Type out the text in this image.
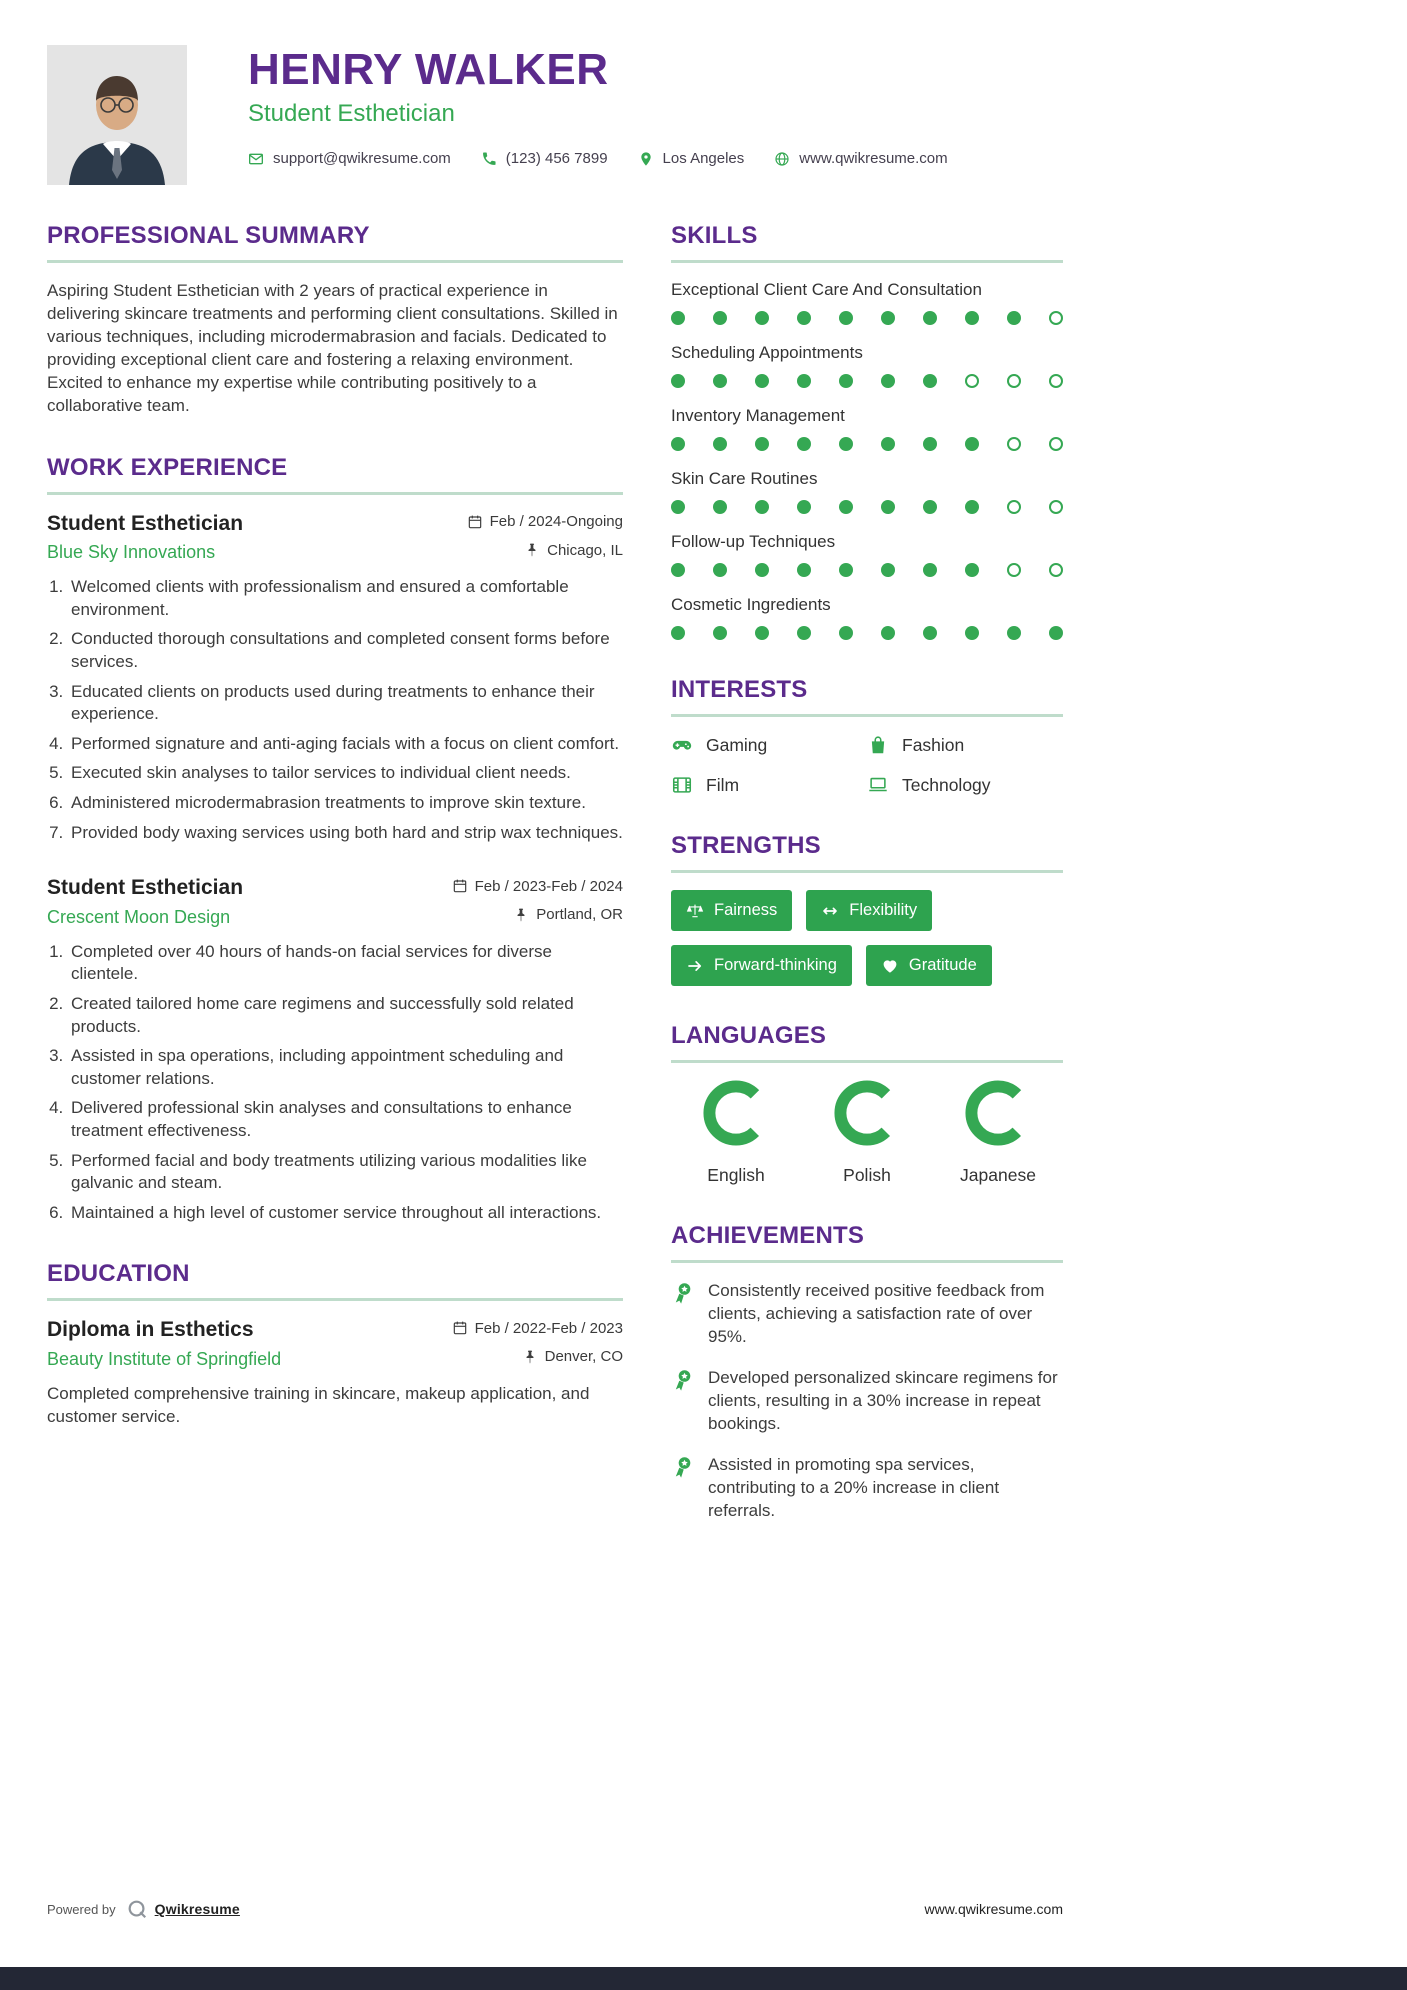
HENRY WALKER
Student Esthetician
support@qwikresume.com	(123) 456 7899	Los Angeles	www.qwikresume.com
PROFESSIONAL SUMMARY

Aspiring Student Esthetician with 2 years of practical experience in delivering skincare treatments and performing client consultations. Skilled in various techniques, including microdermabrasion and facials. Dedicated to providing exceptional client care and fostering a relaxing environment. Excited to enhance my expertise while contributing positively to a collaborative team.

WORK EXPERIENCE
Student Esthetician	Feb / 2024-Ongoing
Blue Sky Innovations	Chicago, IL
1. Welcomed clients with professionalism and ensured a comfortable environment.
2. Conducted thorough consultations and completed consent forms before services.
3. Educated clients on products used during treatments to enhance their experience.
4. Performed signature and anti-aging facials with a focus on client comfort.
5. Executed skin analyses to tailor services to individual client needs.
6. Administered microdermabrasion treatments to improve skin texture.
7. Provided body waxing services using both hard and strip wax techniques.
Student Esthetician	Feb / 2023-Feb / 2024
Crescent Moon Design	Portland, OR
1. Completed over 40 hours of hands-on facial services for diverse clientele.
2. Created tailored home care regimens and successfully sold related products.
3. Assisted in spa operations, including appointment scheduling and customer relations.
4. Delivered professional skin analyses and consultations to enhance treatment effectiveness.
5. Performed facial and body treatments utilizing various modalities like galvanic and steam.
6. Maintained a high level of customer service throughout all interactions.
EDUCATION
Diploma in Esthetics	Feb / 2022-Feb / 2023
Beauty Institute of Springfield	Denver, CO

Completed comprehensive training in skincare, makeup application, and customer service.

SKILLS
Exceptional Client Care And Consultation
Scheduling Appointments
Inventory Management
Skin Care Routines
Follow-up Techniques
Cosmetic Ingredients
INTERESTS
Gaming	Fashion
Film	Technology
STRENGTHS
Fairness	Flexibility
Forward-thinking	Gratitude
LANGUAGES
English	Polish	Japanese
ACHIEVEMENTS
Consistently received positive feedback from clients, achieving a satisfaction rate of over 95%.
Developed personalized skincare regimens for clients, resulting in a 30% increase in repeat bookings.
Assisted in promoting spa services, contributing to a 20% increase in client referrals.
Powered by	Qwikresume	www.qwikresume.com
